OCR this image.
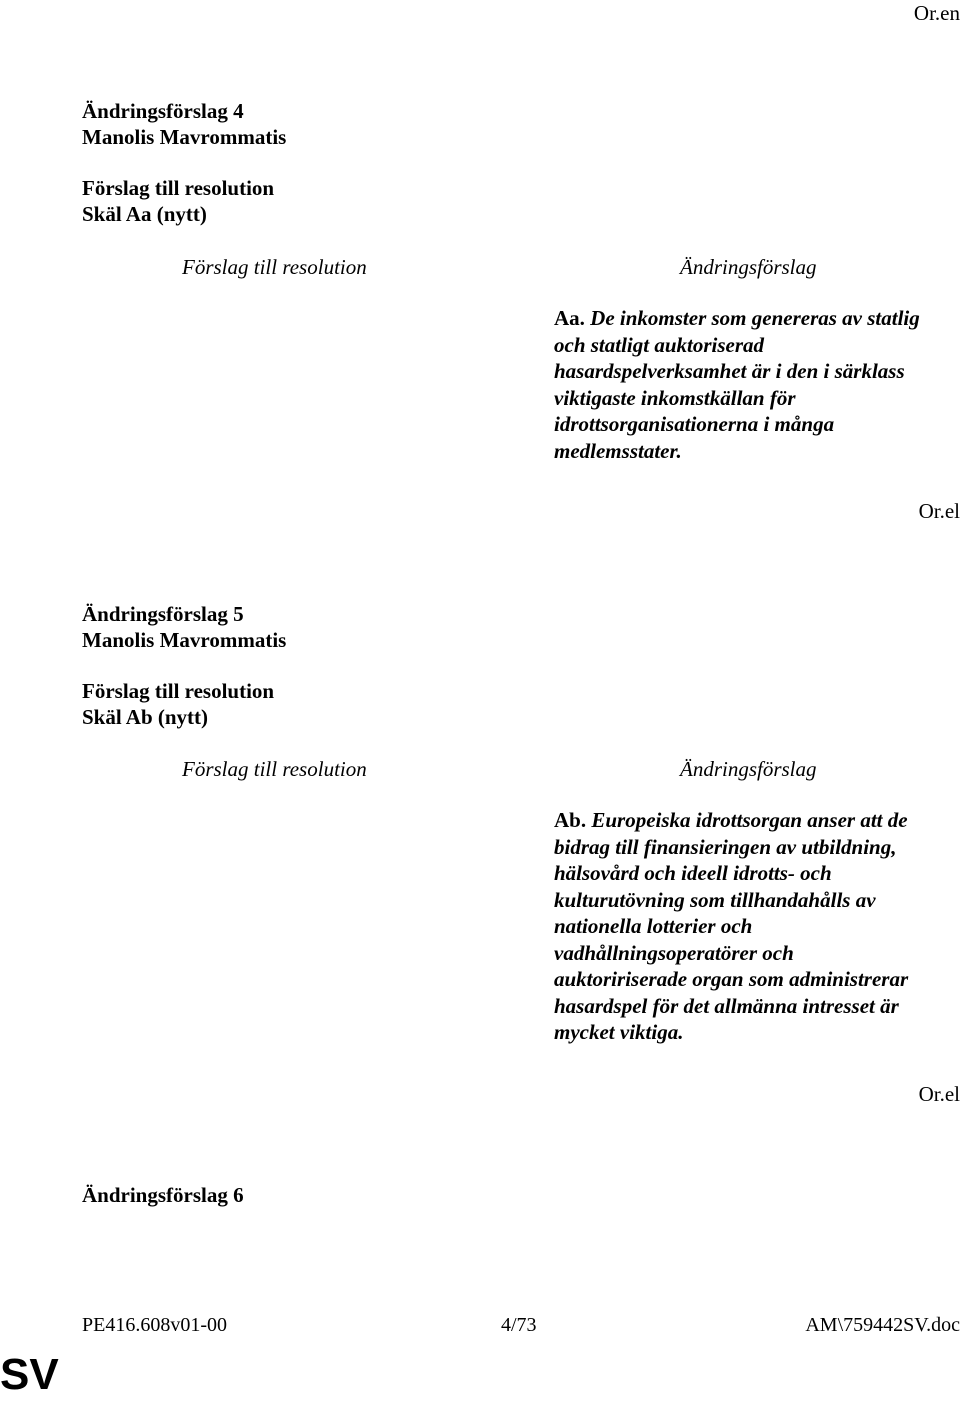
Or.en
Ändringsförslag 4
Manolis Mavrommatis
Förslag till resolution
Skäl Aa (nytt)
Förslag till resolution	Ändringsförslag
Aa. De inkomster som genereras av statlig
och statligt auktoriserad
hasardspelverksamhet är i den i särklass
viktigaste inkomstkällan för
idrottsorganisationerna i många
medlemsstater.
Or.el
Ändringsförslag 5
Manolis Mavrommatis
Förslag till resolution
Skäl Ab (nytt)
Förslag till resolution	Ändringsförslag
Ab. Europeiska idrottsorgan anser att de
bidrag till finansieringen av utbildning,
hälsovård och ideell idrotts- och
kulturutövning som tillhandahålls av
nationella lotterier och
vadhållningsoperatörer och
auktoririserade organ som administrerar
hasardspel för det allmänna intresset är
mycket viktiga.
Or.el
Ändringsförslag 6
PE416.608v01-00	4/73	AM\759442SV.doc
SV
